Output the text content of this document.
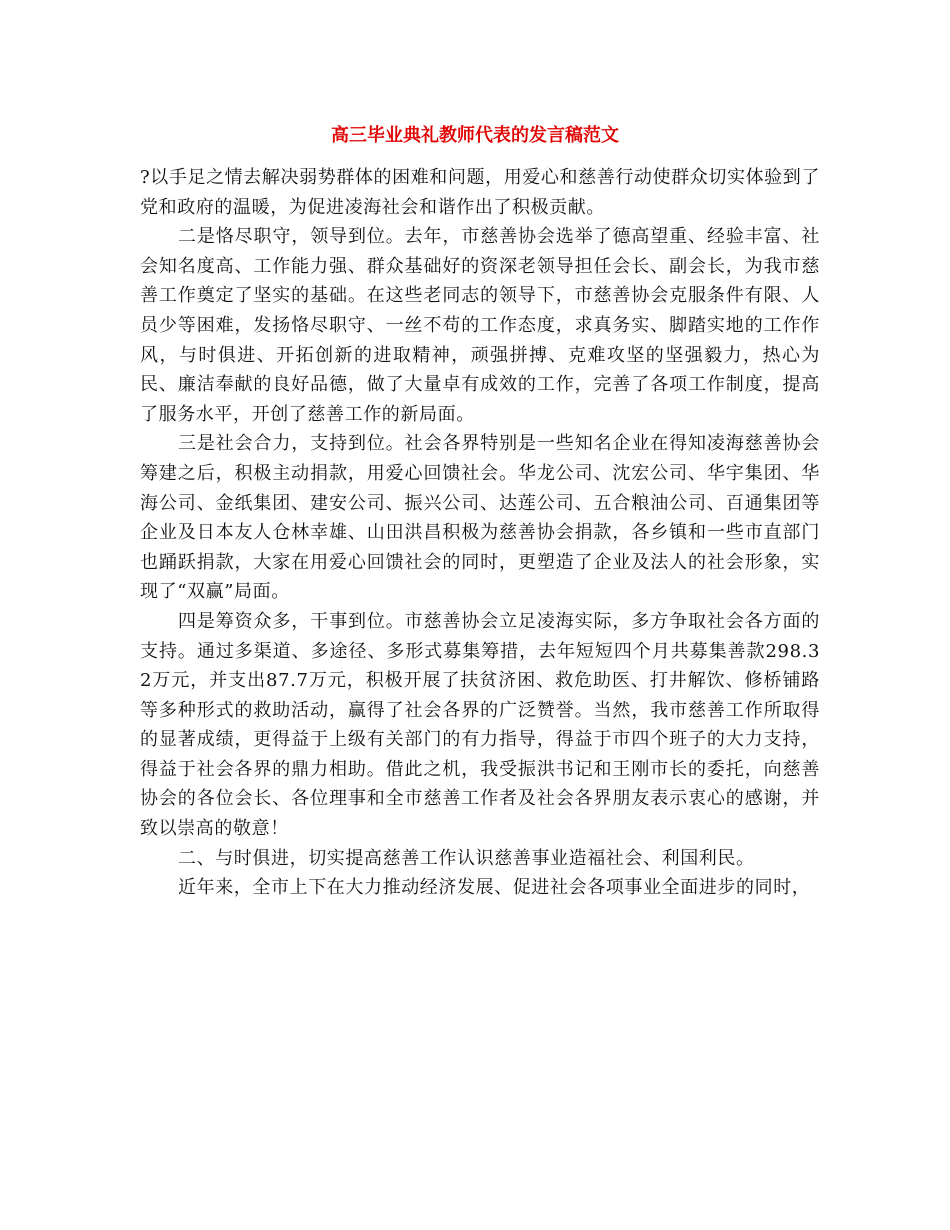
高三毕业典礼教师代表的发言稿范文

?以手足之情去解决弱势群体的困难和问题，用爱心和慈善行动使群众切实体验到了党和政府的温暖，为促进凌海社会和谐作出了积极贡献。

二是恪尽职守，领导到位。去年，市慈善协会选举了德高望重、经验丰富、社会知名度高、工作能力强、群众基础好的资深老领导担任会长、副会长，为我市慈善工作奠定了坚实的基础。在这些老同志的领导下，市慈善协会克服条件有限、人员少等困难，发扬恪尽职守、一丝不苟的工作态度，求真务实、脚踏实地的工作作风，与时俱进、开拓创新的进取精神，顽强拼搏、克难攻坚的坚强毅力，热心为民、廉洁奉献的良好品德，做了大量卓有成效的工作，完善了各项工作制度，提高了服务水平，开创了慈善工作的新局面。

三是社会合力，支持到位。社会各界特别是一些知名企业在得知凌海慈善协会筹建之后，积极主动捐款，用爱心回馈社会。华龙公司、沈宏公司、华宇集团、华海公司、金纸集团、建安公司、振兴公司、达莲公司、五合粮油公司、百通集团等企业及日本友人仓林幸雄、山田洪昌积极为慈善协会捐款，各乡镇和一些市直部门也踊跃捐款，大家在用爱心回馈社会的同时，更塑造了企业及法人的社会形象，实现了“双赢”局面。

四是筹资众多，干事到位。市慈善协会立足凌海实际，多方争取社会各方面的支持。通过多渠道、多途径、多形式募集筹措，去年短短四个月共募集善款298.32万元，并支出87.7万元，积极开展了扶贫济困、救危助医、打井解饮、修桥铺路等多种形式的救助活动，赢得了社会各界的广泛赞誉。当然，我市慈善工作所取得的显著成绩，更得益于上级有关部门的有力指导，得益于市四个班子的大力支持，得益于社会各界的鼎力相助。借此之机，我受振洪书记和王刚市长的委托，向慈善协会的各位会长、各位理事和全市慈善工作者及社会各界朋友表示衷心的感谢，并致以崇高的敬意！

二、与时俱进，切实提高慈善工作认识慈善事业造福社会、利国利民。

近年来，全市上下在大力推动经济发展、促进社会各项事业全面进步的同时，
